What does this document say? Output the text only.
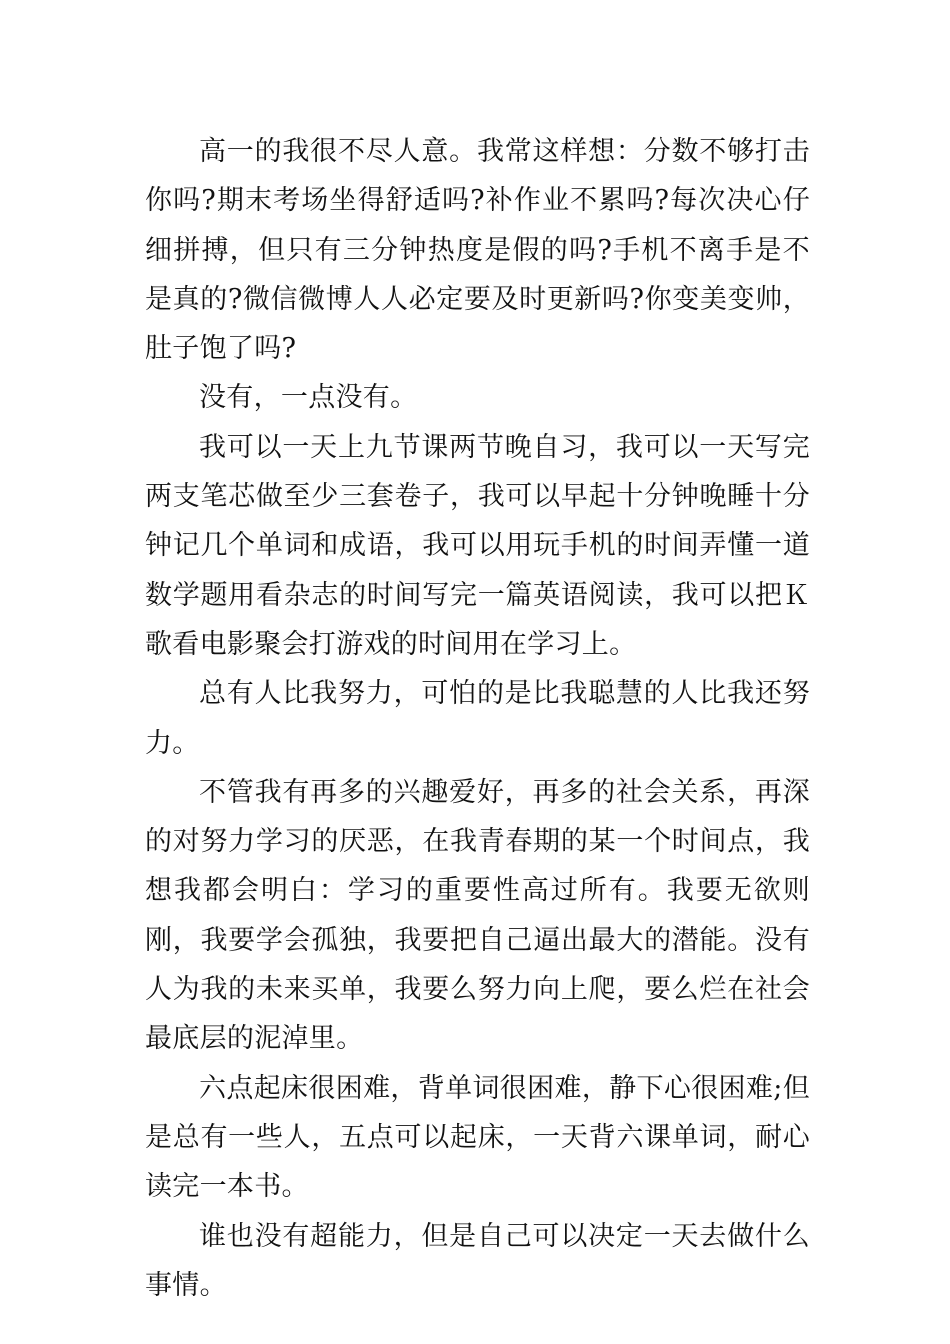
高一的我很不尽人意。我常这样想：分数不够打击你吗?期末考场坐得舒适吗?补作业不累吗?每次决心仔细拼搏，但只有三分钟热度是假的吗?手机不离手是不是真的?微信微博人人必定要及时更新吗?你变美变帅，肚子饱了吗?

没有，一点没有。

我可以一天上九节课两节晚自习，我可以一天写完两支笔芯做至少三套卷子，我可以早起十分钟晚睡十分钟记几个单词和成语，我可以用玩手机的时间弄懂一道数学题用看杂志的时间写完一篇英语阅读，我可以把Ｋ歌看电影聚会打游戏的时间用在学习上。

总有人比我努力，可怕的是比我聪慧的人比我还努力。

不管我有再多的兴趣爱好，再多的社会关系，再深的对努力学习的厌恶，在我青春期的某一个时间点，我想我都会明白：学习的重要性高过所有。我要无欲则刚，我要学会孤独，我要把自己逼出最大的潜能。没有人为我的未来买单，我要么努力向上爬，要么烂在社会最底层的泥淖里。

六点起床很困难，背单词很困难，静下心很困难;但是总有一些人，五点可以起床，一天背六课单词，耐心读完一本书。

谁也没有超能力，但是自己可以决定一天去做什么事情。
